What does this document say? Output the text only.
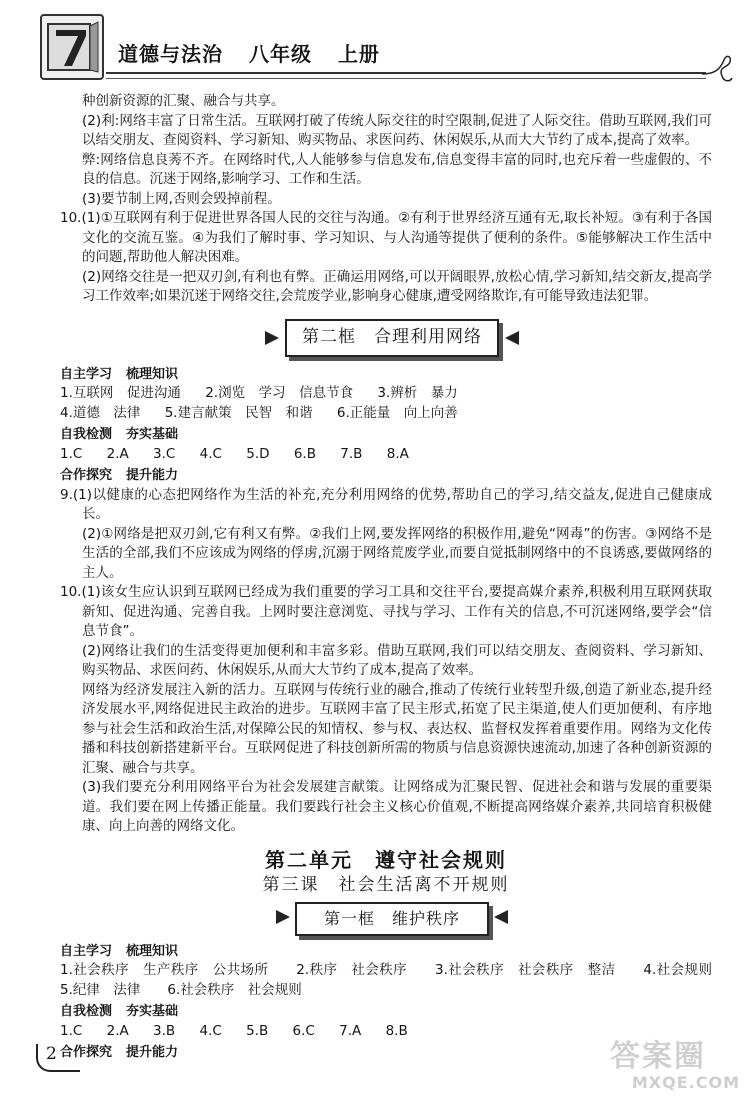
道德与法治 八年级 上册

种创新资源的汇聚、融合与共享。

(2)利:网络丰富了日常生活。互联网打破了传统人际交往的时空限制,促进了人际交往。借助互联网,我们可以结交朋友、查阅资料、学习新知、购买物品、求医问药、休闲娱乐,从而大大节约了成本,提高了效率。

弊:网络信息良莠不齐。在网络时代,人人能够参与信息发布,信息变得丰富的同时,也充斥着一些虚假的、不良的信息。沉迷于网络,影响学习、工作和生活。

(3)要节制上网,否则会毁掉前程。

10.(1)①互联网有利于促进世界各国人民的交往与沟通。②有利于世界经济互通有无,取长补短。③有利于各国文化的交流互鉴。④为我们了解时事、学习知识、与人沟通等提供了便利的条件。⑤能够解决工作生活中的问题,帮助他人解决困难。

(2)网络交往是一把双刃剑,有利也有弊。正确运用网络,可以开阔眼界,放松心情,学习新知,结交新友,提高学习工作效率;如果沉迷于网络交往,会荒废学业,影响身心健康,遭受网络欺诈,有可能导致违法犯罪。

第二框　合理利用网络

自主学习 梳理知识

1.互联网　促进沟通 2.浏览　学习　信息节食 3.辨析　暴力

4.道德　法律 5.建言献策　民智　和谐 6.正能量　向上向善

自我检测 夯实基础

1.C 2.A 3.C 4.C 5.D 6.B 7.B 8.A

合作探究 提升能力

9.(1)以健康的心态把网络作为生活的补充,充分利用网络的优势,帮助自己的学习,结交益友,促进自己健康成长。

(2)①网络是把双刃剑,它有利又有弊。②我们上网,要发挥网络的积极作用,避免“网毒”的伤害。③网络不是生活的全部,我们不应该成为网络的俘虏,沉溺于网络荒废学业,而要自觉抵制网络中的不良诱惑,要做网络的主人。

10.(1)该女生应认识到互联网已经成为我们重要的学习工具和交往平台,要提高媒介素养,积极利用互联网获取新知、促进沟通、完善自我。上网时要注意浏览、寻找与学习、工作有关的信息,不可沉迷网络,要学会“信息节食”。

(2)网络让我们的生活变得更加便利和丰富多彩。借助互联网,我们可以结交朋友、查阅资料、学习新知、购买物品、求医问药、休闲娱乐,从而大大节约了成本,提高了效率。

网络为经济发展注入新的活力。互联网与传统行业的融合,推动了传统行业转型升级,创造了新业态,提升经济发展水平,网络促进民主政治的进步。互联网丰富了民主形式,拓宽了民主渠道,使人们更加便利、有序地参与社会生活和政治生活,对保障公民的知情权、参与权、表达权、监督权发挥着重要作用。网络为文化传播和科技创新搭建新平台。互联网促进了科技创新所需的物质与信息资源快速流动,加速了各种创新资源的汇聚、融合与共享。

(3)我们要充分利用网络平台为社会发展建言献策。让网络成为汇聚民智、促进社会和谐与发展的重要渠道。我们要在网上传播正能量。我们要践行社会主义核心价值观,不断提高网络媒介素养,共同培育积极健康、向上向善的网络文化。

第二单元　遵守社会规则
第三课　社会生活离不开规则
第一框　维护秩序

自主学习 梳理知识

1.社会秩序　生产秩序　公共场所　　2.秩序　社会秩序　　3.社会秩序　社会秩序　整洁　　4.社会规则　5.纪律　法律　　6.社会秩序　社会规则

自我检测 夯实基础

1.C 2.A 3.B 4.C 5.B 6.C 7.A 8.B

合作探究 提升能力

2	答案圈
MXQE.COM
